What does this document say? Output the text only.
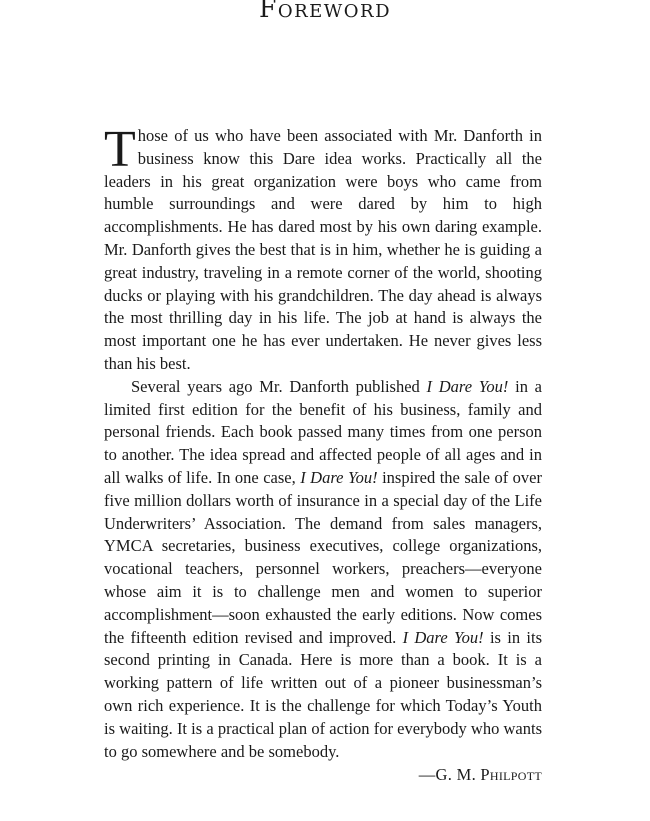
Foreword

Those of us who have been associated with Mr. Danforth in business know this Dare idea works. Practically all the leaders in his great organization were boys who came from humble surroundings and were dared by him to high accomplishments. He has dared most by his own daring example. Mr. Danforth gives the best that is in him, whether he is guiding a great industry, traveling in a remote corner of the world, shooting ducks or playing with his grandchildren. The day ahead is always the most thrilling day in his life. The job at hand is always the most important one he has ever undertaken. He never gives less than his best.

Several years ago Mr. Danforth published I Dare You! in a limited first edition for the benefit of his business, family and personal friends. Each book passed many times from one person to another. The idea spread and affected people of all ages and in all walks of life. In one case, I Dare You! inspired the sale of over five million dollars worth of insurance in a special day of the Life Underwriters’ Association. The demand from sales managers, YMCA secretaries, business executives, college organizations, vocational teachers, personnel workers, preachers—everyone whose aim it is to challenge men and women to superior accomplishment—soon exhausted the early editions. Now comes the fifteenth edition revised and improved. I Dare You! is in its second printing in Canada. Here is more than a book. It is a working pattern of life written out of a pioneer businessman’s own rich experience. It is the challenge for which Today’s Youth is waiting. It is a practical plan of action for everybody who wants to go somewhere and be somebody.

—G. M. Philpott
